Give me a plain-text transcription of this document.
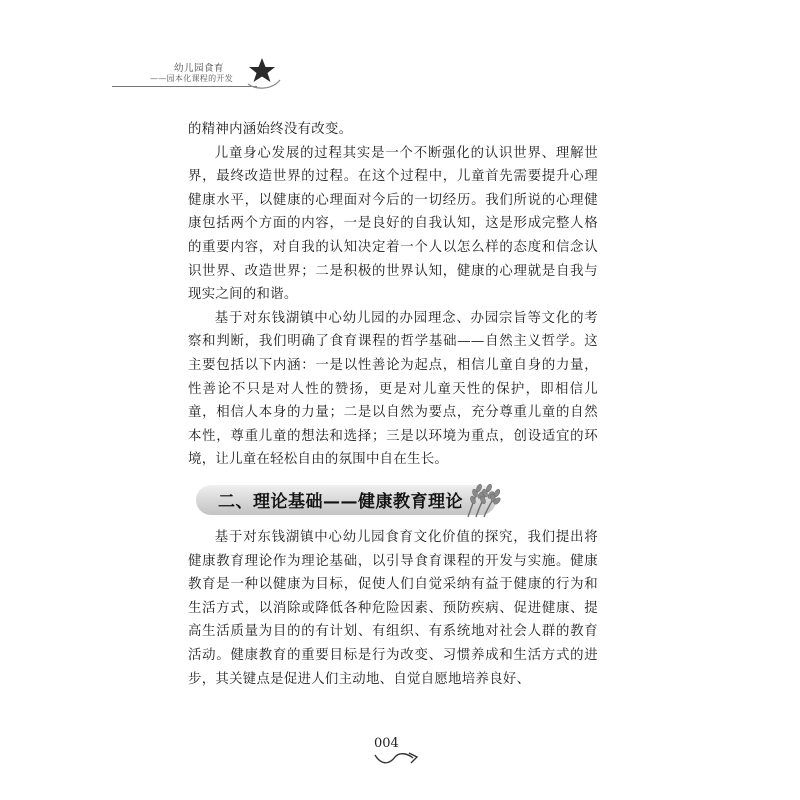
幼儿园食育
——园本化课程的开发

的精神内涵始终没有改变。

儿童身心发展的过程其实是一个不断强化的认识世界、理解世界，最终改造世界的过程。在这个过程中，儿童首先需要提升心理健康水平，以健康的心理面对今后的一切经历。我们所说的心理健康包括两个方面的内容，一是良好的自我认知，这是形成完整人格的重要内容，对自我的认知决定着一个人以怎么样的态度和信念认识世界、改造世界；二是积极的世界认知，健康的心理就是自我与现实之间的和谐。

基于对东钱湖镇中心幼儿园的办园理念、办园宗旨等文化的考察和判断，我们明确了食育课程的哲学基础——自然主义哲学。这主要包括以下内涵：一是以性善论为起点，相信儿童自身的力量，性善论不只是对人性的赞扬，更是对儿童天性的保护，即相信儿童，相信人本身的力量；二是以自然为要点，充分尊重儿童的自然本性，尊重儿童的想法和选择；三是以环境为重点，创设适宜的环境，让儿童在轻松自由的氛围中自在生长。

二、理论基础——健康教育理论

基于对东钱湖镇中心幼儿园食育文化价值的探究，我们提出将健康教育理论作为理论基础，以引导食育课程的开发与实施。健康教育是一种以健康为目标，促使人们自觉采纳有益于健康的行为和生活方式，以消除或降低各种危险因素、预防疾病、促进健康、提高生活质量为目的的有计划、有组织、有系统地对社会人群的教育活动。健康教育的重要目标是行为改变、习惯养成和生活方式的进步，其关键点是促进人们主动地、自觉自愿地培养良好、

004
